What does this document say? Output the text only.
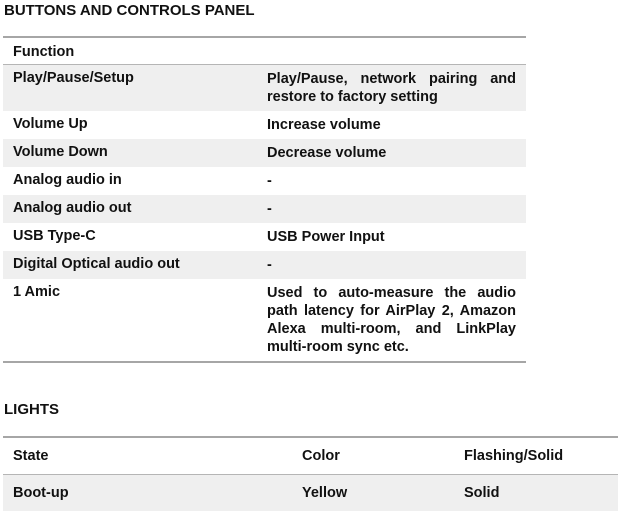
BUTTONS AND CONTROLS PANEL
Function	
Play/Pause/Setup	Play/Pause, network pairing and restore to factory setting
Volume Up	Increase volume
Volume Down	Decrease volume
Analog audio in	-
Analog audio out	-
USB Type-C	USB Power Input
Digital Optical audio out	-
1 Amic	Used to auto-measure the audio path latency for AirPlay 2, Amazon Alexa multi-room, and LinkPlay multi-room sync etc.
LIGHTS
State	Color	Flashing/Solid
Boot-up	Yellow	Solid
